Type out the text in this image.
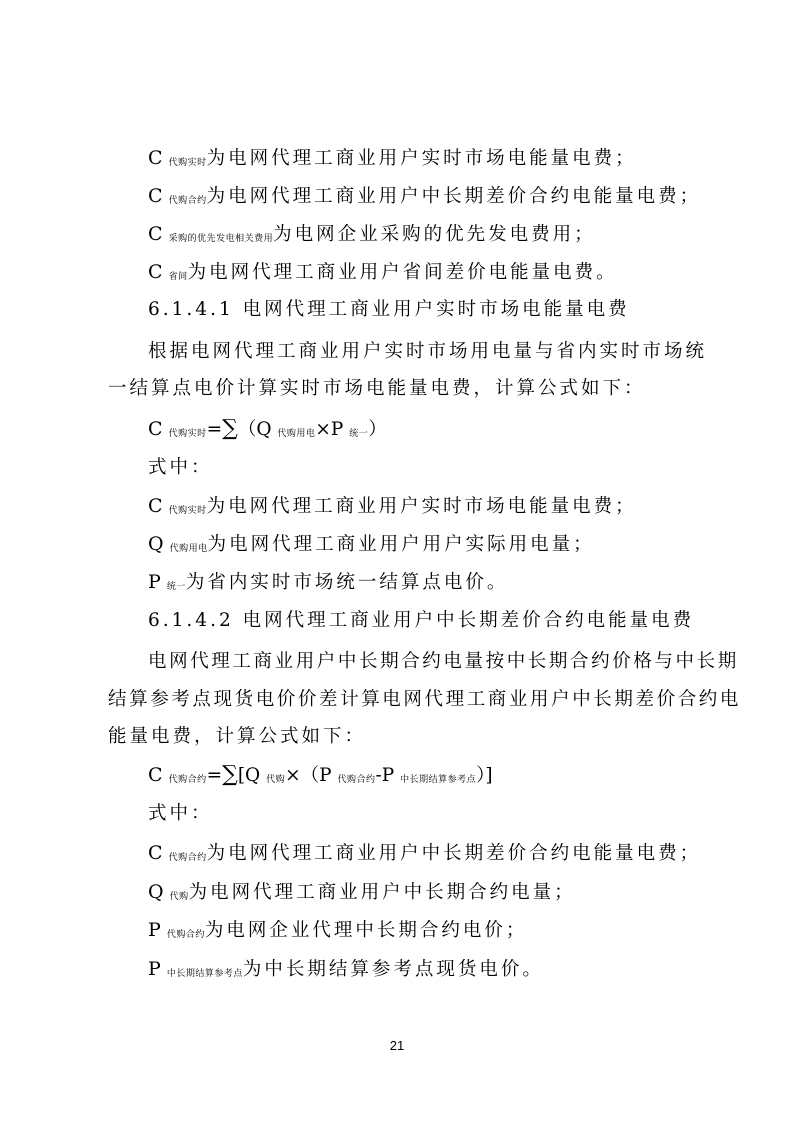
C 代购实时为电网代理工商业用户实时市场电能量电费；
C 代购合约为电网代理工商业用户中长期差价合约电能量电费；
C 采购的优先发电相关费用为电网企业采购的优先发电费用；
C 省间为电网代理工商业用户省间差价电能量电费。
6.1.4.1 电网代理工商业用户实时市场电能量电费
根据电网代理工商业用户实时市场用电量与省内实时市场统
一结算点电价计算实时市场电能量电费，计算公式如下：
C 代购实时=∑（Q 代购用电×P 统一）
式中：
C 代购实时为电网代理工商业用户实时市场电能量电费；
Q 代购用电为电网代理工商业用户用户实际用电量；
P 统一为省内实时市场统一结算点电价。
6.1.4.2 电网代理工商业用户中长期差价合约电能量电费
电网代理工商业用户中长期合约电量按中长期合约价格与中长期
结算参考点现货电价价差计算电网代理工商业用户中长期差价合约电
能量电费，计算公式如下：
C 代购合约=∑[Q 代购×（P 代购合约-P 中长期结算参考点）]
式中：
C 代购合约为电网代理工商业用户中长期差价合约电能量电费；
Q 代购为电网代理工商业用户中长期合约电量；
P 代购合约为电网企业代理中长期合约电价；
P 中长期结算参考点为中长期结算参考点现货电价。
21
